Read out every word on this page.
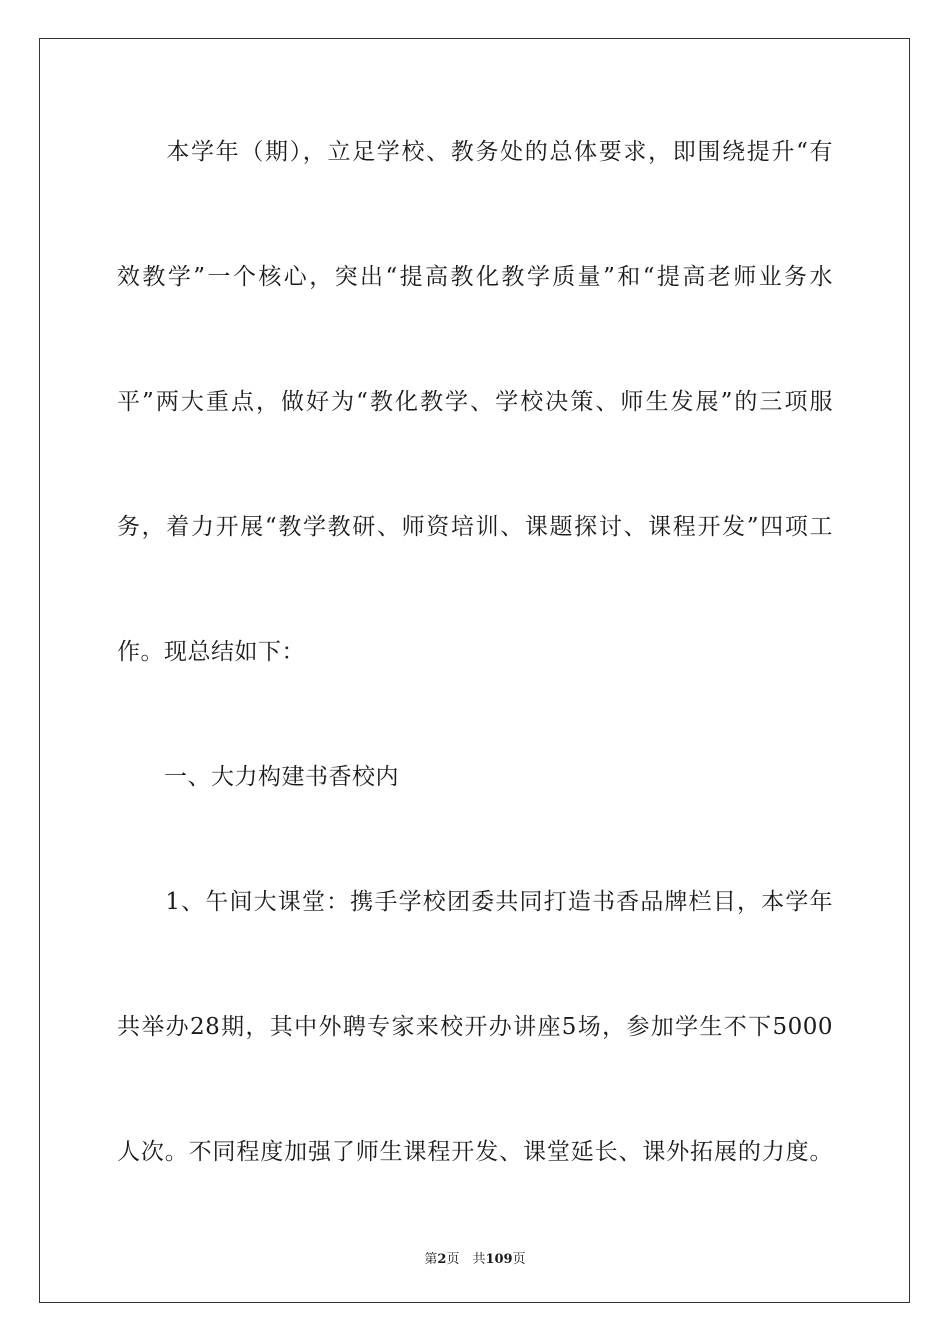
　　本学年（期），立足学校、教务处的总体要求，即围绕提升“有
效教学”一个核心，突出“提高教化教学质量”和“提高老师业务水
平”两大重点，做好为“教化教学、学校决策、师生发展”的三项服
务，着力开展“教学教研、师资培训、课题探讨、课程开发”四项工
作。现总结如下：
　　一、大力构建书香校内
　　1、午间大课堂：携手学校团委共同打造书香品牌栏目，本学年
共举办28期，其中外聘专家来校开办讲座5场，参加学生不下5000
人次。不同程度加强了师生课程开发、课堂延长、课外拓展的力度。
第2页　共109页
